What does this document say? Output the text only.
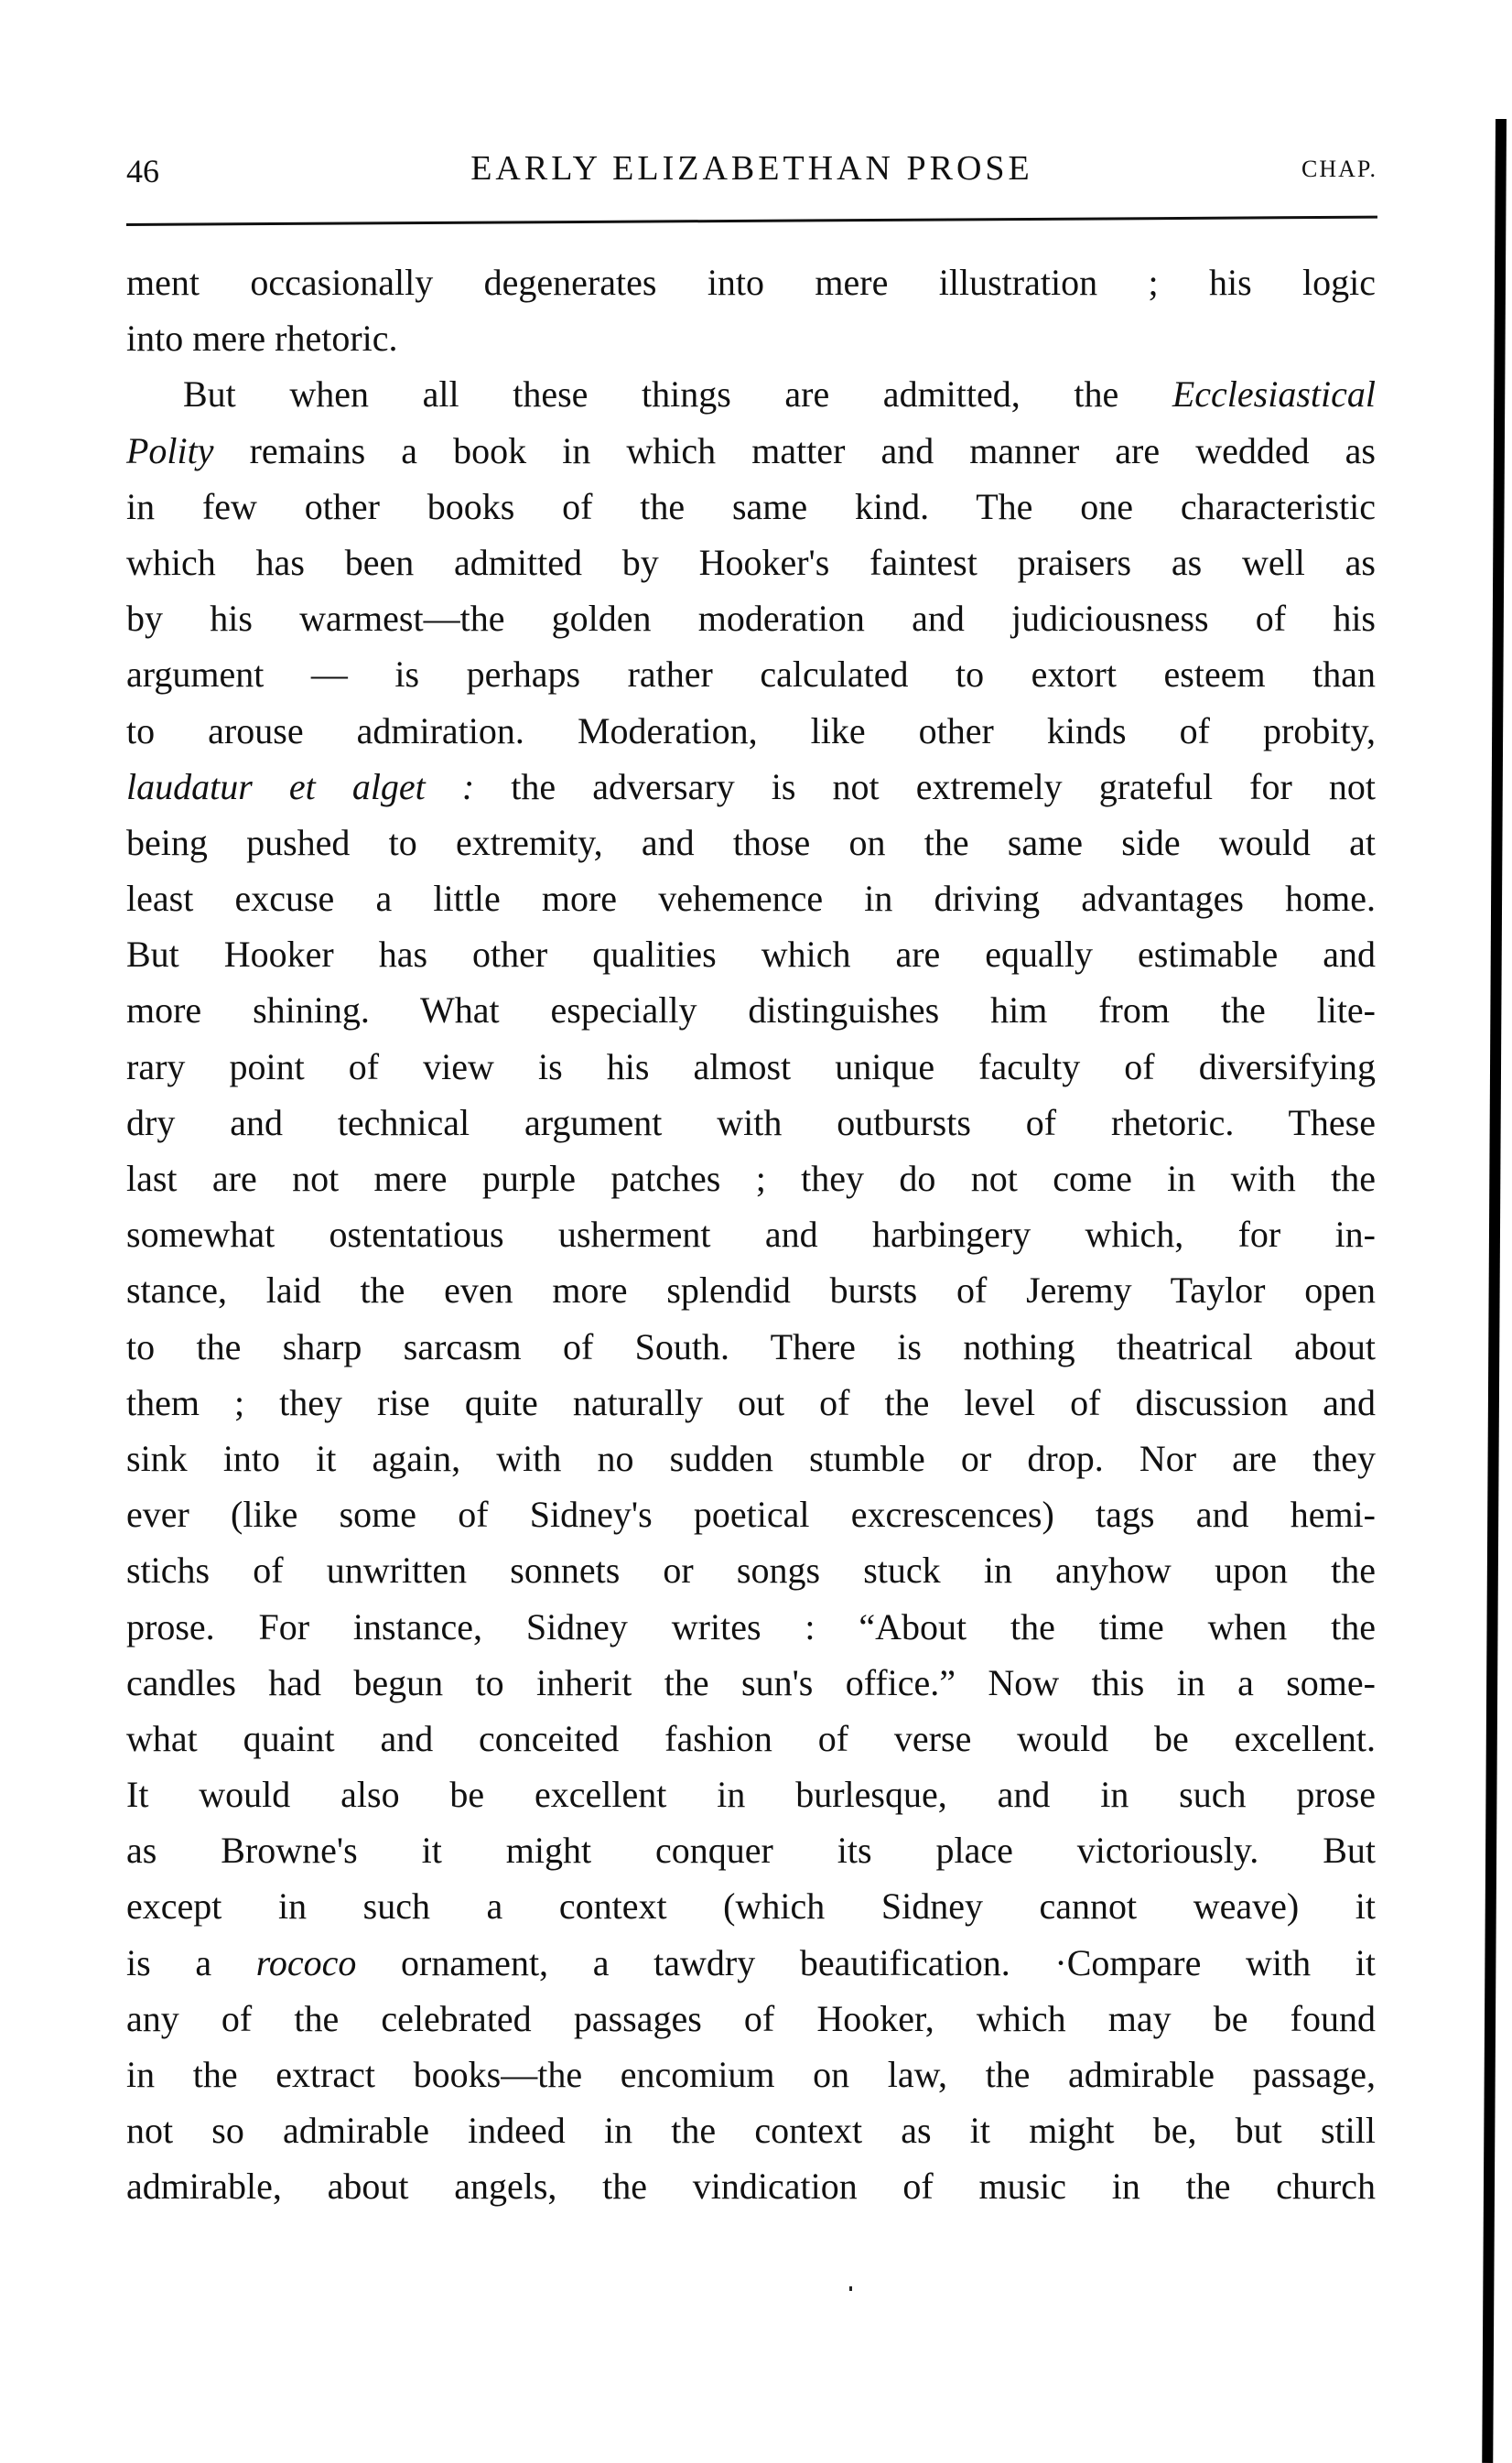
46	EARLY ELIZABETHAN PROSE	CHAP.
ment occasionally degenerates into mere illustration ; his logic
into mere rhetoric.
But when all these things are admitted, the Ecclesiastical
Polity remains a book in which matter and manner are wedded as
in few other books of the same kind. The one characteristic
which has been admitted by Hooker's faintest praisers as well as
by his warmest—the golden moderation and judiciousness of his
argument — is perhaps rather calculated to extort esteem than
to arouse admiration. Moderation, like other kinds of probity,
laudatur et alget : the adversary is not extremely grateful for not
being pushed to extremity, and those on the same side would at
least excuse a little more vehemence in driving advantages home.
But Hooker has other qualities which are equally estimable and
more shining. What especially distinguishes him from the lite-
rary point of view is his almost unique faculty of diversifying
dry and technical argument with outbursts of rhetoric. These
last are not mere purple patches ; they do not come in with the
somewhat ostentatious usherment and harbingery which, for in-
stance, laid the even more splendid bursts of Jeremy Taylor open
to the sharp sarcasm of South. There is nothing theatrical about
them ; they rise quite naturally out of the level of discussion and
sink into it again, with no sudden stumble or drop. Nor are they
ever (like some of Sidney's poetical excrescences) tags and hemi-
stichs of unwritten sonnets or songs stuck in anyhow upon the
prose. For instance, Sidney writes : “About the time when the
candles had begun to inherit the sun's office.” Now this in a some-
what quaint and conceited fashion of verse would be excellent.
It would also be excellent in burlesque, and in such prose
as Browne's it might conquer its place victoriously. But
except in such a context (which Sidney cannot weave) it
is a rococo ornament, a tawdry beautification. ·Compare with it
any of the celebrated passages of Hooker, which may be found
in the extract books—the encomium on law, the admirable passage,
not so admirable indeed in the context as it might be, but still
admirable, about angels, the vindication of music in the church
